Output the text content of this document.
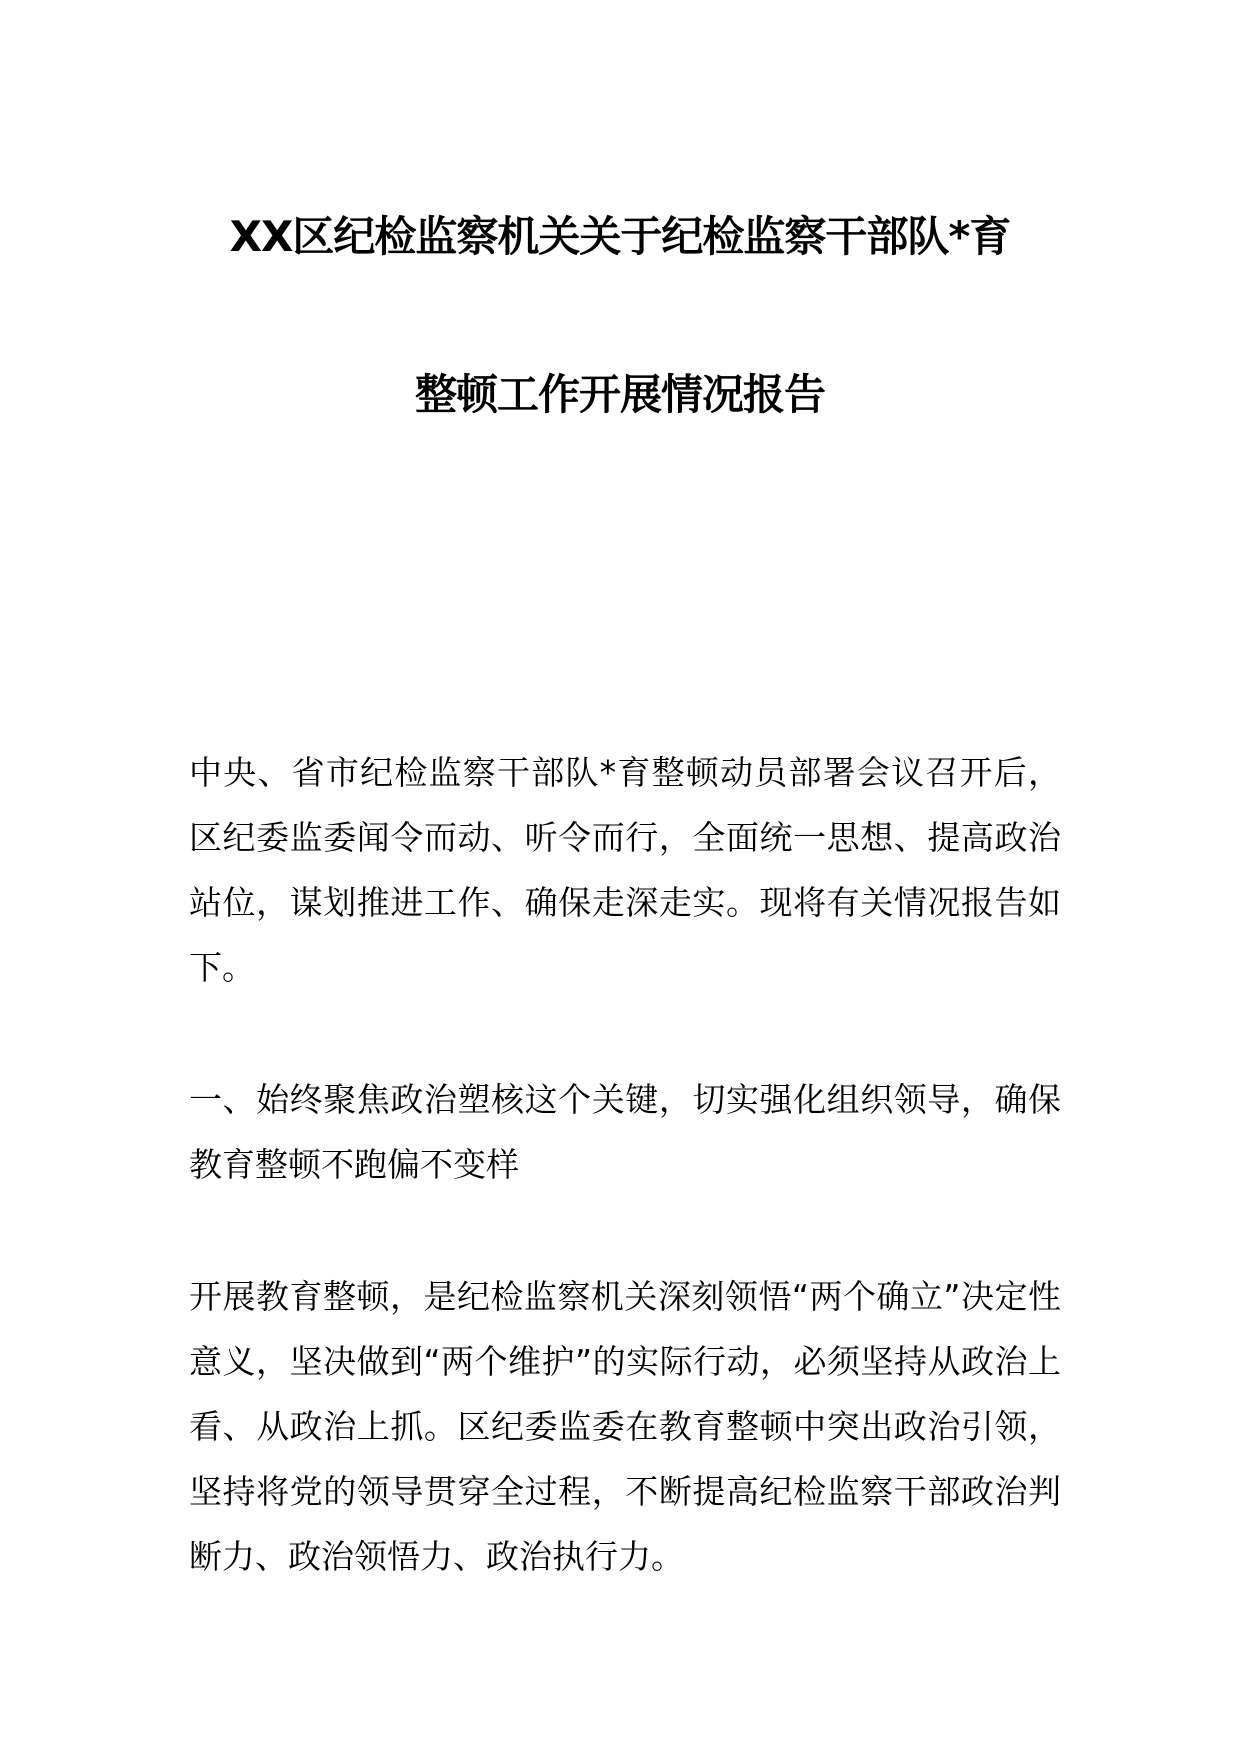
XX区纪检监察机关关于纪检监察干部队*育
整顿工作开展情况报告

中央、省市纪检监察干部队*育整顿动员部署会议召开后，区纪委监委闻令而动、听令而行，全面统一思想、提高政治站位，谋划推进工作、确保走深走实。现将有关情况报告如下。

一、始终聚焦政治塑核这个关键，切实强化组织领导，确保教育整顿不跑偏不变样

开展教育整顿，是纪检监察机关深刻领悟“两个确立”决定性意义，坚决做到“两个维护”的实际行动，必须坚持从政治上看、从政治上抓。区纪委监委在教育整顿中突出政治引领，坚持将党的领导贯穿全过程，不断提高纪检监察干部政治判断力、政治领悟力、政治执行力。
